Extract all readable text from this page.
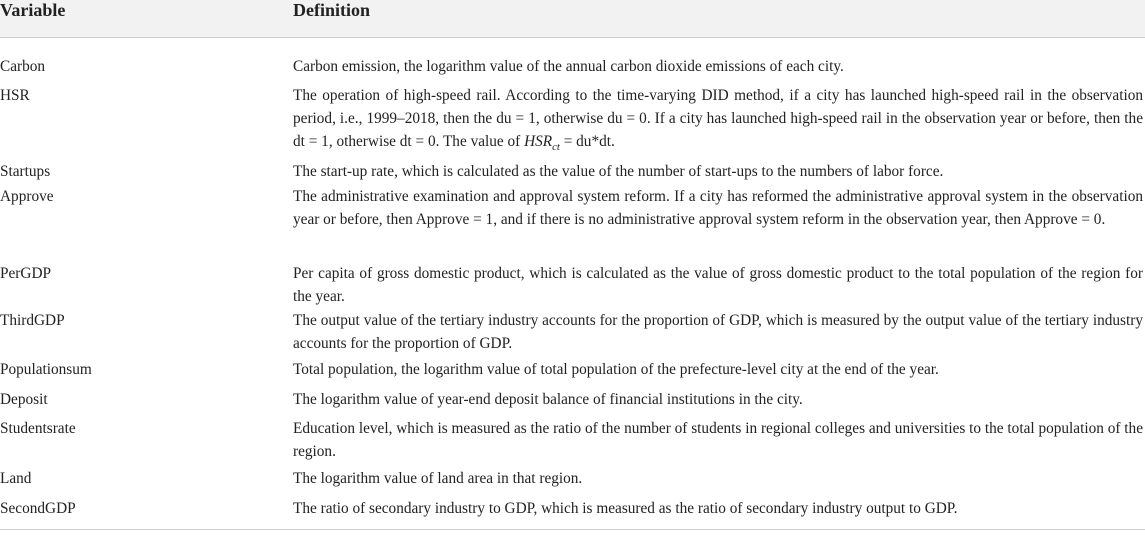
Variable	Definition
Carbon	Carbon emission, the logarithm value of the annual carbon dioxide emissions of each city.
HSR	The operation of high-speed rail. According to the time-varying DID method, if a city has launched high-speed rail in the observation period, i.e., 1999–2018, then the du = 1, otherwise du = 0. If a city has launched high-speed rail in the observation year or before, then the dt = 1, otherwise dt = 0. The value of $HSR_{ct} = du*dt$.
Startups	The start-up rate, which is calculated as the value of the number of start-ups to the numbers of labor force.
Approve	The administrative examination and approval system reform. If a city has reformed the administrative approval system in the observation year or before, then Approve = 1, and if there is no administrative approval system reform in the observation year, then Approve = 0.
PerGDP	Per capita of gross domestic product, which is calculated as the value of gross domestic product to the total population of the region for the year.
ThirdGDP	The output value of the tertiary industry accounts for the proportion of GDP, which is measured by the output value of the tertiary industry accounts for the proportion of GDP.
Populationsum	Total population, the logarithm value of total population of the prefecture-level city at the end of the year.
Deposit	The logarithm value of year-end deposit balance of financial institutions in the city.
Studentsrate	Education level, which is measured as the ratio of the number of students in regional colleges and universities to the total population of the region.
Land	The logarithm value of land area in that region.
SecondGDP	The ratio of secondary industry to GDP, which is measured as the ratio of secondary industry output to GDP.
